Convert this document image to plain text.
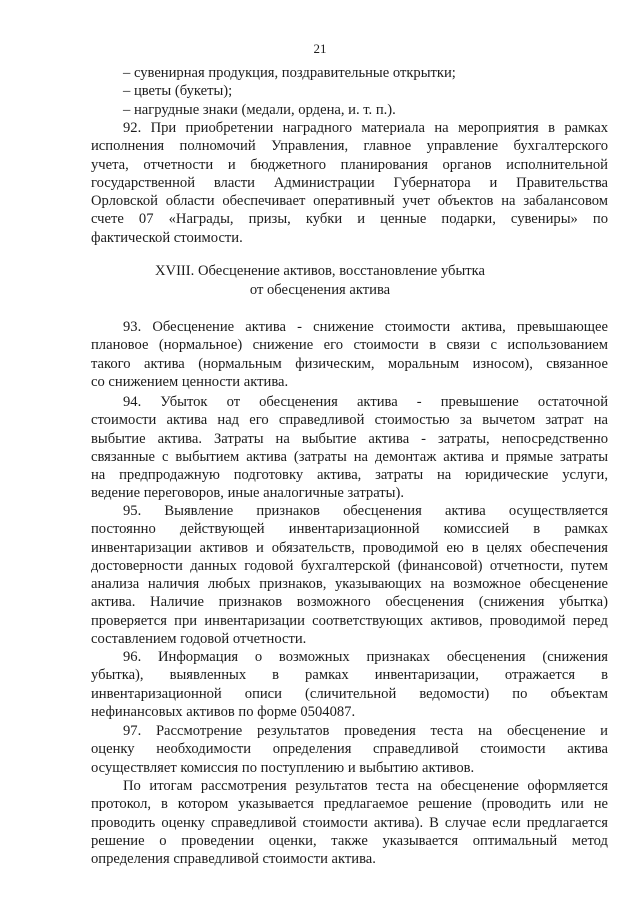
21
– сувенирная продукция, поздравительные открытки;
– цветы (букеты);
– нагрудные знаки (медали, ордена, и. т. п.).
92. При приобретении наградного материала на мероприятия в рамках
исполнения полномочий Управления, главное управление бухгалтерского
учета, отчетности и бюджетного планирования органов исполнительной
государственной власти Администрации Губернатора и Правительства
Орловской области обеспечивает оперативный учет объектов на забалансовом
счете 07 «Награды, призы, кубки и ценные подарки, сувениры» по
фактической стоимости.
XVIII. Обесценение активов, восстановление убытка
от обесценения актива
93. Обесценение актива - снижение стоимости актива, превышающее
плановое (нормальное) снижение его стоимости в связи с использованием
такого актива (нормальным физическим, моральным износом), связанное
со снижением ценности актива.
94. Убыток от обесценения актива - превышение остаточной
стоимости актива над его справедливой стоимостью за вычетом затрат на
выбытие актива. Затраты на выбытие актива - затраты, непосредственно
связанные с выбытием актива (затраты на демонтаж актива и прямые затраты
на предпродажную подготовку актива, затраты на юридические услуги,
ведение переговоров, иные аналогичные затраты).
95. Выявление признаков обесценения актива осуществляется
постоянно действующей инвентаризационной комиссией в рамках
инвентаризации активов и обязательств, проводимой ею в целях обеспечения
достоверности данных годовой бухгалтерской (финансовой) отчетности, путем
анализа наличия любых признаков, указывающих на возможное обесценение
актива. Наличие признаков возможного обесценения (снижения убытка)
проверяется при инвентаризации соответствующих активов, проводимой перед
составлением годовой отчетности.
96. Информация о возможных признаках обесценения (снижения
убытка), выявленных в рамках инвентаризации, отражается в
инвентаризационной описи (сличительной ведомости) по объектам
нефинансовых активов по форме 0504087.
97. Рассмотрение результатов проведения теста на обесценение и
оценку необходимости определения справедливой стоимости актива
осуществляет комиссия по поступлению и выбытию активов.
По итогам рассмотрения результатов теста на обесценение оформляется
протокол, в котором указывается предлагаемое решение (проводить или не
проводить оценку справедливой стоимости актива). В случае если предлагается
решение о проведении оценки, также указывается оптимальный метод
определения справедливой стоимости актива.
